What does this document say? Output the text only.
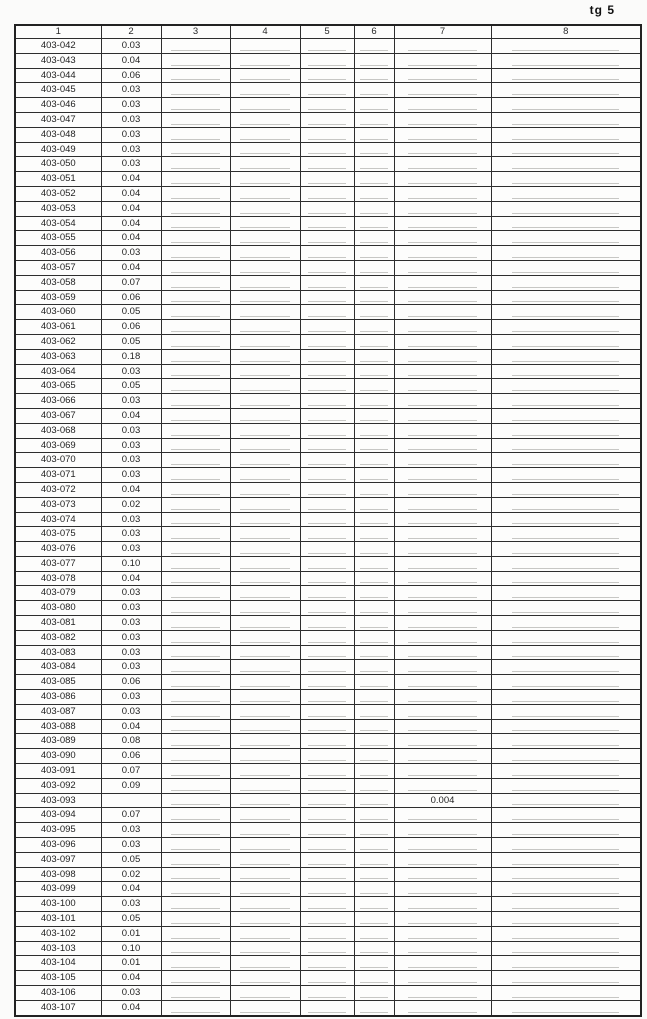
tg 5
1	2	3	4	5	6	7	8
403-042	0.03						
403-043	0.04						
403-044	0.06						
403-045	0.03						
403-046	0.03						
403-047	0.03						
403-048	0.03						
403-049	0.03						
403-050	0.03						
403-051	0.04						
403-052	0.04						
403-053	0.04						
403-054	0.04						
403-055	0.04						
403-056	0.03						
403-057	0.04						
403-058	0.07						
403-059	0.06						
403-060	0.05						
403-061	0.06						
403-062	0.05						
403-063	0.18						
403-064	0.03						
403-065	0.05						
403-066	0.03						
403-067	0.04						
403-068	0.03						
403-069	0.03						
403-070	0.03						
403-071	0.03						
403-072	0.04						
403-073	0.02						
403-074	0.03						
403-075	0.03						
403-076	0.03						
403-077	0.10						
403-078	0.04						
403-079	0.03						
403-080	0.03						
403-081	0.03						
403-082	0.03						
403-083	0.03						
403-084	0.03						
403-085	0.06						
403-086	0.03						
403-087	0.03						
403-088	0.04						
403-089	0.08						
403-090	0.06						
403-091	0.07						
403-092	0.09						
403-093						0.004	
403-094	0.07						
403-095	0.03						
403-096	0.03						
403-097	0.05						
403-098	0.02						
403-099	0.04						
403-100	0.03						
403-101	0.05						
403-102	0.01						
403-103	0.10						
403-104	0.01						
403-105	0.04						
403-106	0.03						
403-107	0.04						
